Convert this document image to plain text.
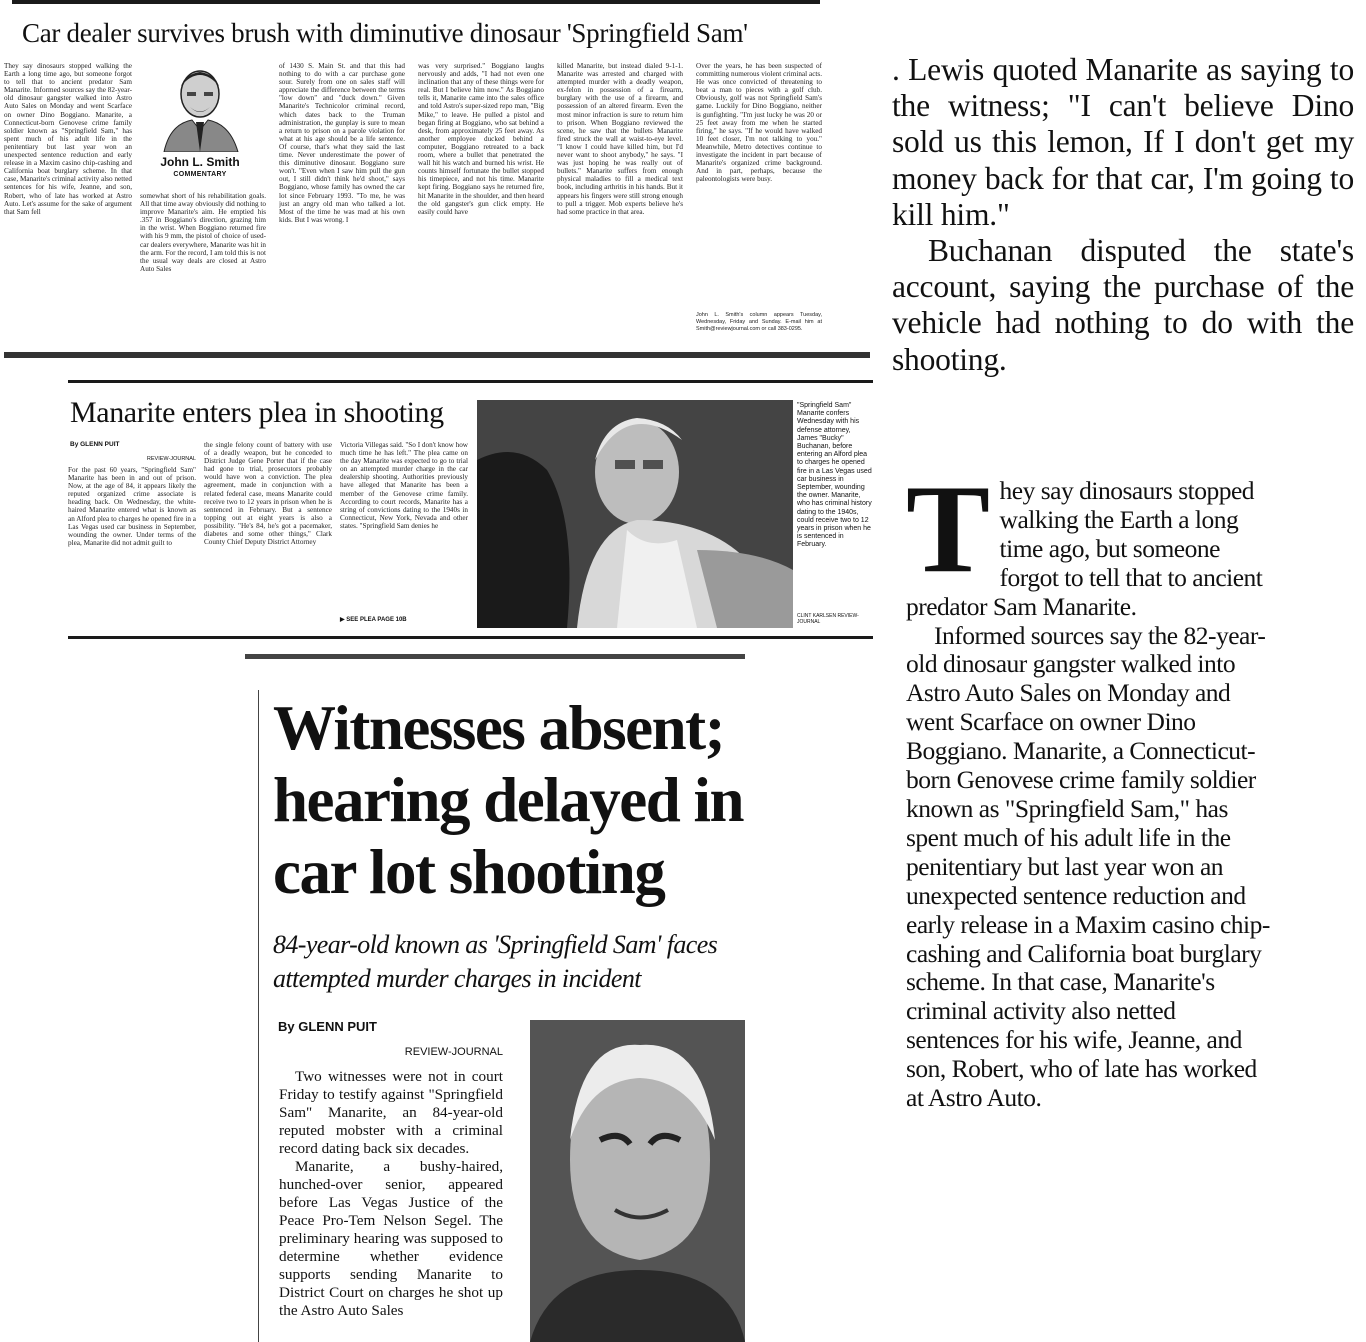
Car dealer survives brush with diminutive dinosaur 'Springfield Sam'
They say dinosaurs stopped walking the Earth a long time ago, but someone forgot to tell that to ancient predator Sam Manarite. Informed sources say the 82-year-old dinosaur gangster walked into Astro Auto Sales on Monday and went Scarface on owner Dino Boggiano. Manarite, a Connecticut-born Genovese crime family soldier known as "Springfield Sam," has spent much of his adult life in the penitentiary but last year won an unexpected sentence reduction and early release in a Maxim casino chip-cashing and California boat burglary scheme. In that case, Manarite's criminal activity also netted sentences for his wife, Jeanne, and son, Robert, who of late has worked at Astro Auto. Let's assume for the sake of argument that Sam fell
John L. Smith
COMMENTARY
somewhat short of his rehabilitation goals. All that time away obviously did nothing to improve Manarite's aim. He emptied his .357 in Boggiano's direction, grazing him in the wrist. When Boggiano returned fire with his 9 mm, the pistol of choice of used-car dealers everywhere, Manarite was hit in the arm. For the record, I am told this is not the usual way deals are closed at Astro Auto Sales
of 1430 S. Main St. and that this had nothing to do with a car purchase gone sour. Surely from one on sales staff will appreciate the difference between the terms "low down" and "duck down." Given Manarite's Technicolor criminal record, which dates back to the Truman administration, the gunplay is sure to mean a return to prison on a parole violation for what at his age should be a life sentence. Of course, that's what they said the last time. Never underestimate the power of this diminutive dinosaur. Boggiano sure won't. "Even when I saw him pull the gun out, I still didn't think he'd shoot," says Boggiano, whose family has owned the car lot since February 1993. "To me, he was just an angry old man who talked a lot. Most of the time he was mad at his own kids. But I was wrong. I
was very surprised." Boggiano laughs nervously and adds, "I had not even one inclination that any of these things were for real. But I believe him now." As Boggiano tells it, Manarite came into the sales office and told Astro's super-sized repo man, "Big Mike," to leave. He pulled a pistol and began firing at Boggiano, who sat behind a desk, from approximately 25 feet away. As another employee ducked behind a computer, Boggiano retreated to a back room, where a bullet that penetrated the wall hit his watch and burned his wrist. He counts himself fortunate the bullet stopped his timepiece, and not his time. Manarite kept firing. Boggiano says he returned fire, hit Manarite in the shoulder, and then heard the old gangster's gun click empty. He easily could have
killed Manarite, but instead dialed 9-1-1. Manarite was arrested and charged with attempted murder with a deadly weapon, ex-felon in possession of a firearm, burglary with the use of a firearm, and possession of an altered firearm. Even the most minor infraction is sure to return him to prison. When Boggiano reviewed the scene, he saw that the bullets Manarite fired struck the wall at waist-to-eye level. "I know I could have killed him, but I'd never want to shoot anybody," he says. "I was just hoping he was really out of bullets." Manarite suffers from enough physical maladies to fill a medical text book, including arthritis in his hands. But it appears his fingers were still strong enough to pull a trigger. Mob experts believe he's had some practice in that area.
Over the years, he has been suspected of committing numerous violent criminal acts. He was once convicted of threatening to beat a man to pieces with a golf club. Obviously, golf was not Springfield Sam's game. Luckily for Dino Boggiano, neither is gunfighting. "I'm just lucky he was 20 or 25 feet away from me when he started firing," he says. "If he would have walked 10 feet closer, I'm not talking to you." Meanwhile, Metro detectives continue to investigate the incident in part because of Manarite's organized crime background. And in part, perhaps, because the paleontologists were busy.
John L. Smith's column appears Tuesday, Wednesday, Friday and Sunday. E-mail him at Smith@reviewjournal.com or call 383-0295.
Manarite enters plea in shooting
By GLENN PUIT
REVIEW-JOURNAL
For the past 60 years, "Springfield Sam" Manarite has been in and out of prison. Now, at the age of 84, it appears likely the reputed organized crime associate is heading back. On Wednesday, the white-haired Manarite entered what is known as an Alford plea to charges he opened fire in a Las Vegas used car business in September, wounding the owner. Under terms of the plea, Manarite did not admit guilt to
the single felony count of battery with use of a deadly weapon, but he conceded to District Judge Gene Porter that if the case had gone to trial, prosecutors probably would have won a conviction. The plea agreement, made in conjunction with a related federal case, means Manarite could receive two to 12 years in prison when he is sentenced in February. But a sentence topping out at eight years is also a possibility. "He's 84, he's got a pacemaker, diabetes and some other things," Clark County Chief Deputy District Attorney
Victoria Villegas said. "So I don't know how much time he has left." The plea came on the day Manarite was expected to go to trial on an attempted murder charge in the car dealership shooting. Authorities previously have alleged that Manarite has been a member of the Genovese crime family. According to court records, Manarite has a string of convictions dating to the 1940s in Connecticut, New York, Nevada and other states. "Springfield Sam denies he
▶ SEE PLEA PAGE 10B
"Springfield Sam" Manarite confers Wednesday with his defense attorney, James "Bucky" Buchanan, before entering an Alford plea to charges he opened fire in a Las Vegas used car business in September, wounding the owner. Manarite, who has criminal history dating to the 1940s, could receive two to 12 years in prison when he is sentenced in February.
CLINT KARLSEN REVIEW-JOURNAL
Witnesses absent; hearing delayed in car lot shooting
84-year-old known as 'Springfield Sam' faces attempted murder charges in incident
By GLENN PUIT
REVIEW-JOURNAL

Two witnesses were not in court Friday to testify against "Springfield Sam" Manarite, an 84-year-old reputed mobster with a criminal record dating back six decades.

Manarite, a bushy-haired, hunched-over senior, appeared before Las Vegas Justice of the Peace Pro-Tem Nelson Segel. The preliminary hearing was supposed to determine whether evidence supports sending Manarite to District Court on charges he shot up the Astro Auto Sales

. Lewis quoted Manarite as saying to the witness; "I can't believe Dino sold us this lemon, If I don't get my money back for that car, I'm going to kill him."

Buchanan disputed the state's account, saying the purchase of the vehicle had nothing to do with the shooting.

They say dinosaurs stopped walking the Earth a long time ago, but someone forgot to tell that to ancient predator Sam Manarite.

Informed sources say the 82-year-old dinosaur gangster walked into Astro Auto Sales on Monday and went Scarface on owner Dino Boggiano. Manarite, a Connecticut-born Genovese crime family soldier known as "Springfield Sam," has spent much of his adult life in the penitentiary but last year won an unexpected sentence reduction and early release in a Maxim casino chip-cashing and California boat burglary scheme. In that case, Manarite's criminal activity also netted sentences for his wife, Jeanne, and son, Robert, who of late has worked at Astro Auto.
